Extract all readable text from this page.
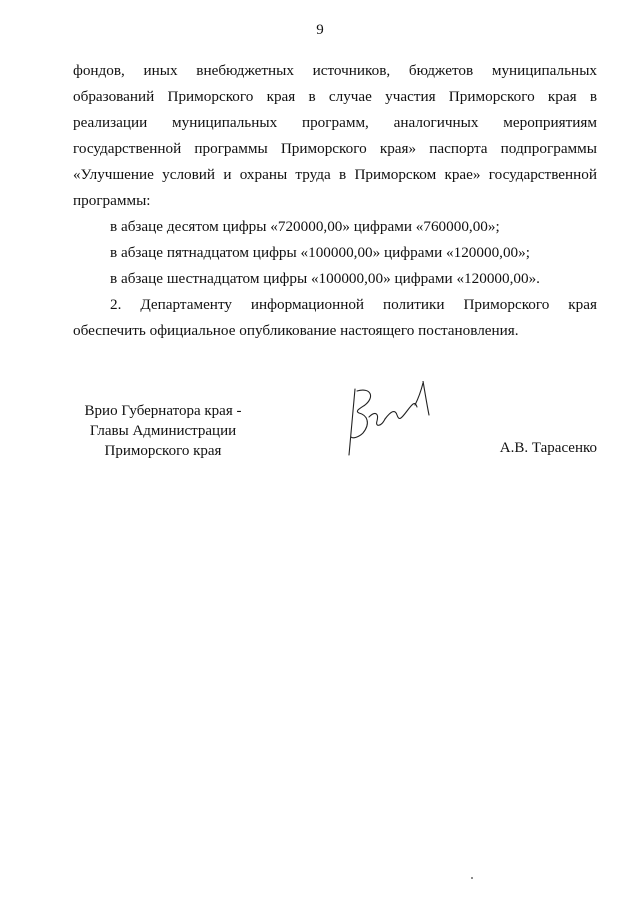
9

фондов, иных внебюджетных источников, бюджетов муниципальных образований Приморского края в случае участия Приморского края в реализации муниципальных программ, аналогичных мероприятиям государственной программы Приморского края» паспорта подпрограммы «Улучшение условий и охраны труда в Приморском крае» государственной программы:

в абзаце десятом цифры «720000,00» цифрами «760000,00»;

в абзаце пятнадцатом цифры «100000,00» цифрами «120000,00»;

в абзаце шестнадцатом цифры «100000,00» цифрами «120000,00».

2. Департаменту информационной политики Приморского края обеспечить официальное опубликование настоящего постановления.

Врио Губернатора края -
Главы Администрации
Приморского края	А.В. Тарасенко
